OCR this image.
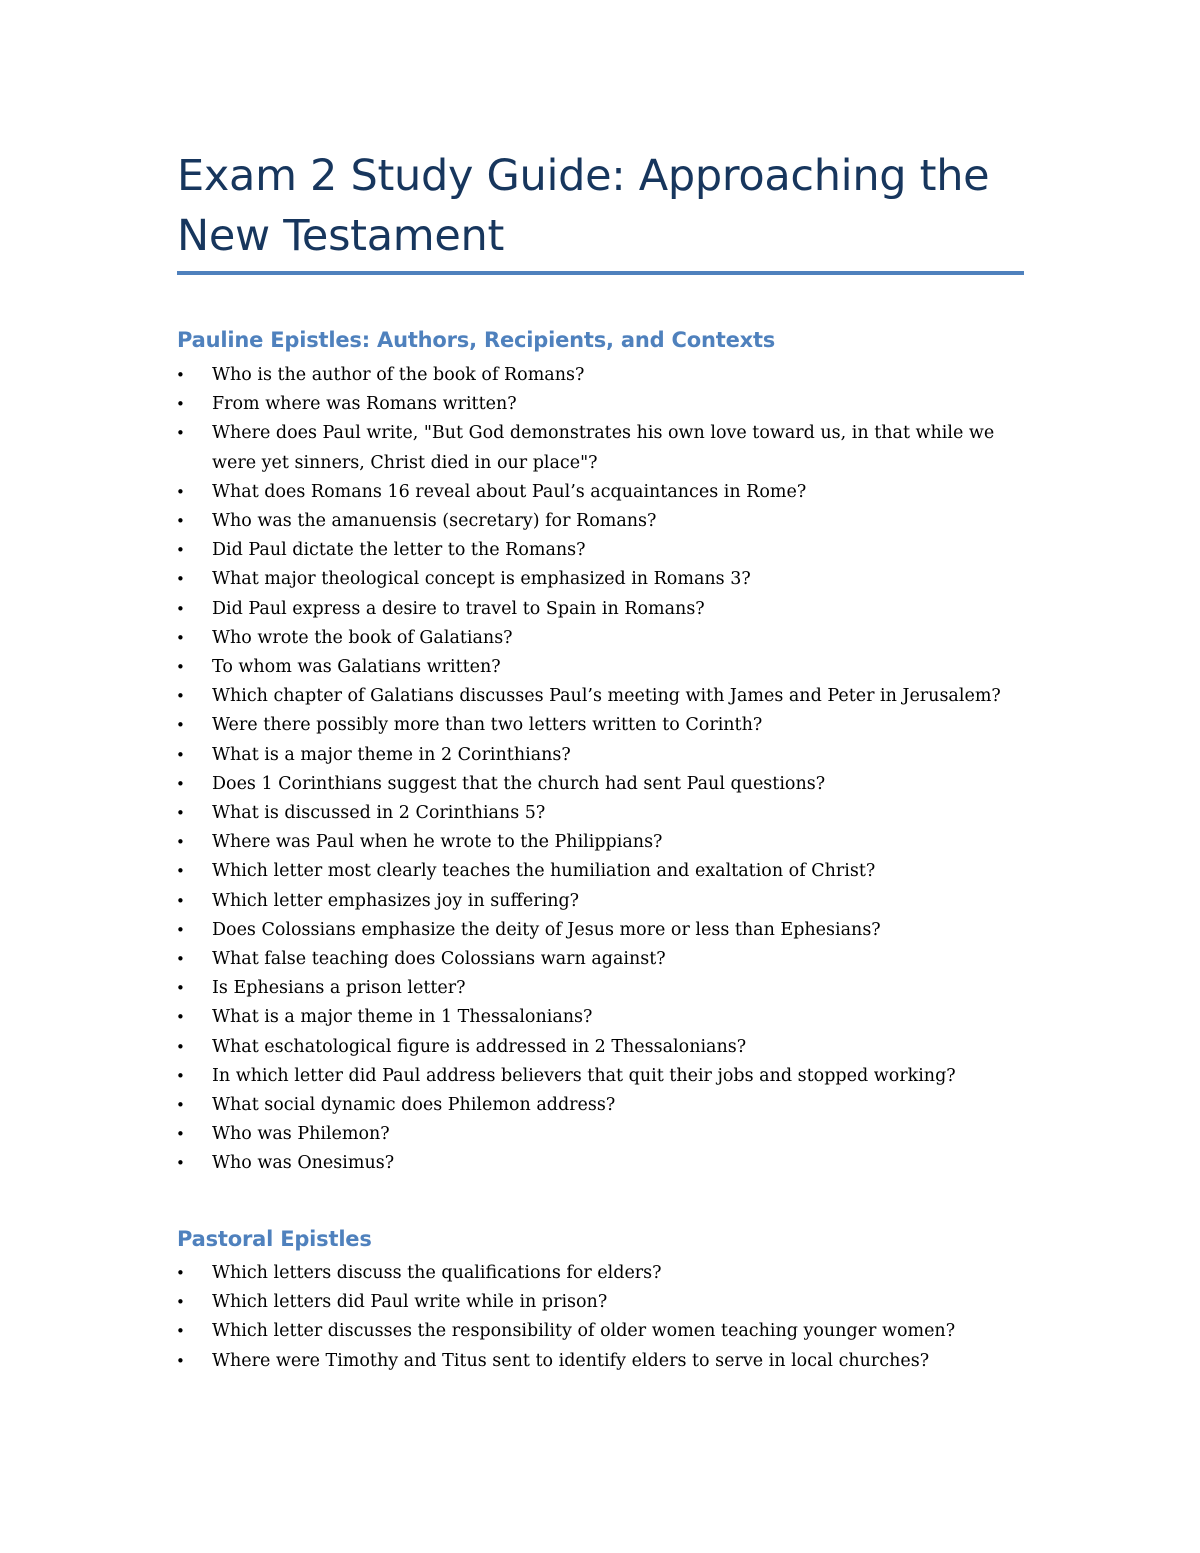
Exam 2 Study Guide: Approaching the New Testament
Pauline Epistles: Authors, Recipients, and Contexts
• Who is the author of the book of Romans?
• From where was Romans written?
• Where does Paul write, "But God demonstrates his own love toward us, in that while we were yet sinners, Christ died in our place"?
• What does Romans 16 reveal about Paul’s acquaintances in Rome?
• Who was the amanuensis (secretary) for Romans?
• Did Paul dictate the letter to the Romans?
• What major theological concept is emphasized in Romans 3?
• Did Paul express a desire to travel to Spain in Romans?
• Who wrote the book of Galatians?
• To whom was Galatians written?
• Which chapter of Galatians discusses Paul’s meeting with James and Peter in Jerusalem?
• Were there possibly more than two letters written to Corinth?
• What is a major theme in 2 Corinthians?
• Does 1 Corinthians suggest that the church had sent Paul questions?
• What is discussed in 2 Corinthians 5?
• Where was Paul when he wrote to the Philippians?
• Which letter most clearly teaches the humiliation and exaltation of Christ?
• Which letter emphasizes joy in suffering?
• Does Colossians emphasize the deity of Jesus more or less than Ephesians?
• What false teaching does Colossians warn against?
• Is Ephesians a prison letter?
• What is a major theme in 1 Thessalonians?
• What eschatological figure is addressed in 2 Thessalonians?
• In which letter did Paul address believers that quit their jobs and stopped working?
• What social dynamic does Philemon address?
• Who was Philemon?
• Who was Onesimus?
Pastoral Epistles
• Which letters discuss the qualifications for elders?
• Which letters did Paul write while in prison?
• Which letter discusses the responsibility of older women teaching younger women?
• Where were Timothy and Titus sent to identify elders to serve in local churches?
